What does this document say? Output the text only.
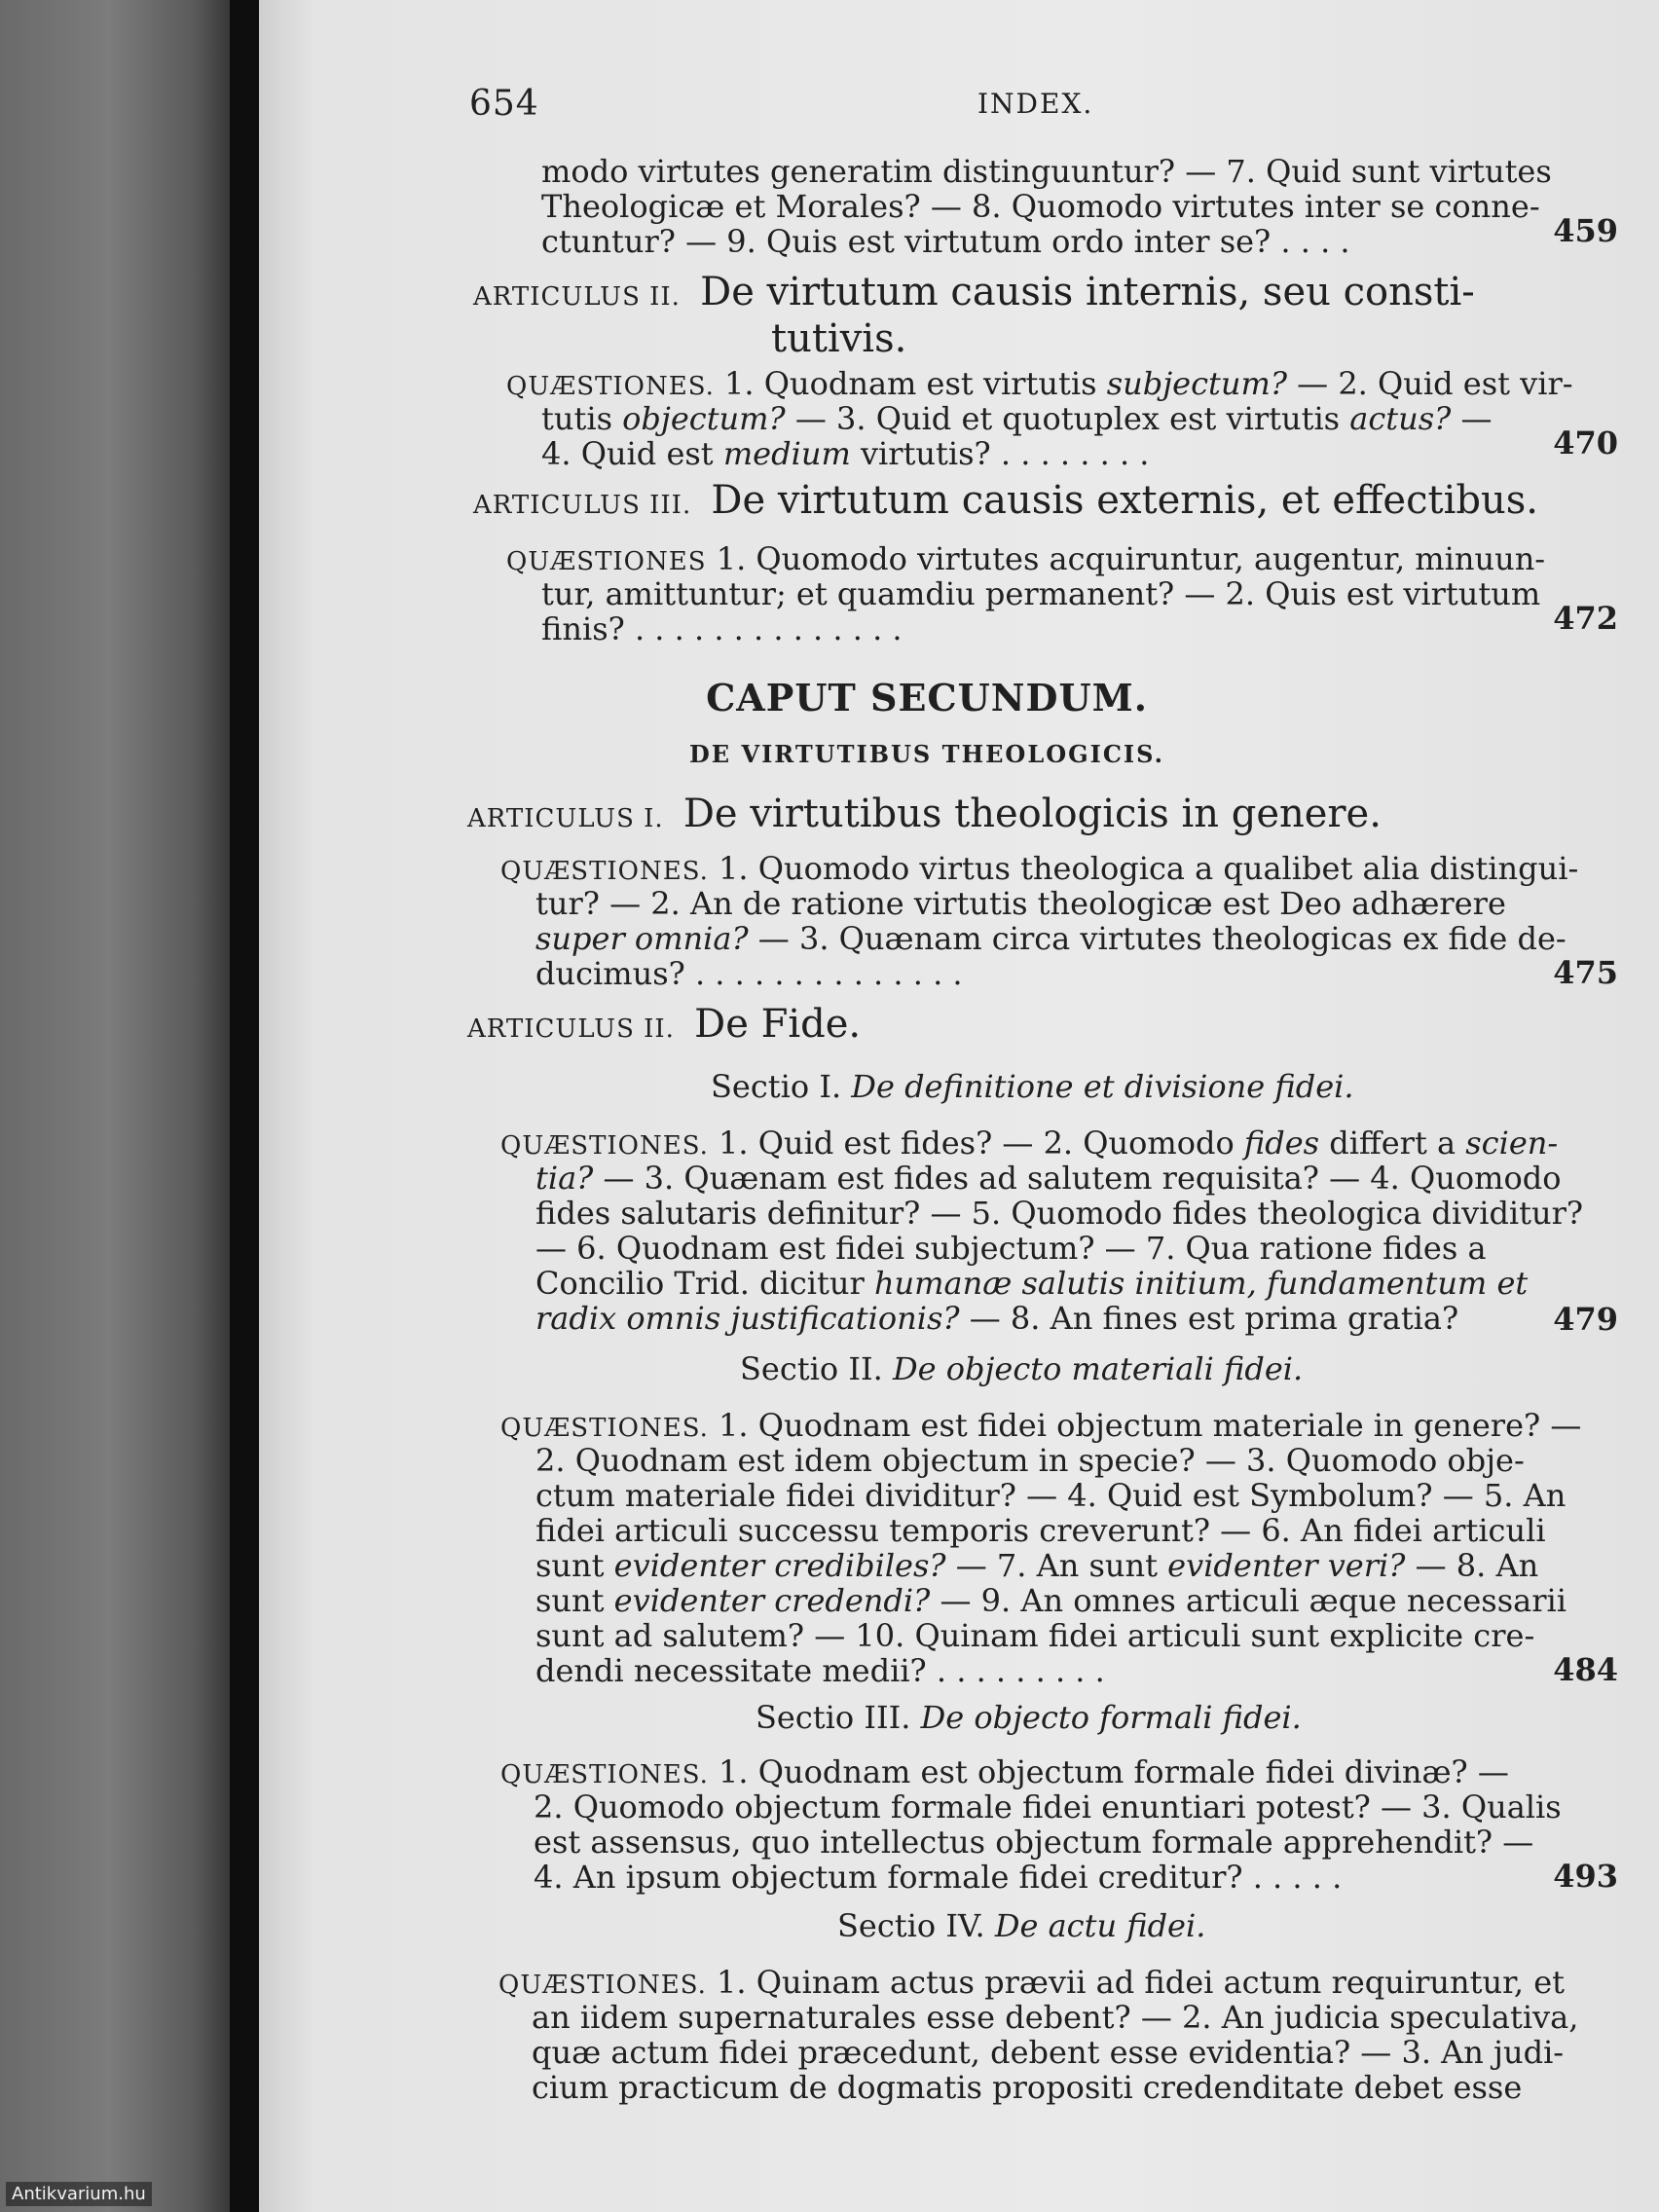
654	INDEX.
modo virtutes generatim distinguuntur? — 7. Quid sunt virtutes
Theologicæ et Morales? — 8. Quomodo virtutes inter se conne-
ctuntur? — 9. Quis est virtutum ordo inter se? . . . .	459
ARTICULUS II. De virtutum causis internis, seu consti-
tutivis.
QUÆSTIONES. 1. Quodnam est virtutis subjectum? — 2. Quid est vir-
tutis objectum? — 3. Quid et quotuplex est virtutis actus? —
4. Quid est medium virtutis? . . . . . . . .	470
ARTICULUS III. De virtutum causis externis, et effectibus.
QUÆSTIONES 1. Quomodo virtutes acquiruntur, augentur, minuun-
tur, amittuntur; et quamdiu permanent? — 2. Quis est virtutum
finis? . . . . . . . . . . . . . .	472
CAPUT SECUNDUM.
DE VIRTUTIBUS THEOLOGICIS.
ARTICULUS I. De virtutibus theologicis in genere.
QUÆSTIONES. 1. Quomodo virtus theologica a qualibet alia distingui-
tur? — 2. An de ratione virtutis theologicæ est Deo adhærere
super omnia? — 3. Quænam circa virtutes theologicas ex fide de-
ducimus? . . . . . . . . . . . . . .	475
ARTICULUS II. De Fide.
Sectio I. De definitione et divisione fidei.
QUÆSTIONES. 1. Quid est fides? — 2. Quomodo fides differt a scien-
tia? — 3. Quænam est fides ad salutem requisita? — 4. Quomodo
fides salutaris definitur? — 5. Quomodo fides theologica dividitur?
— 6. Quodnam est fidei subjectum? — 7. Qua ratione fides a
Concilio Trid. dicitur humanæ salutis initium, fundamentum et
radix omnis justificationis? — 8. An fines est prima gratia?	479
Sectio II. De objecto materiali fidei.
QUÆSTIONES. 1. Quodnam est fidei objectum materiale in genere? —
2. Quodnam est idem objectum in specie? — 3. Quomodo obje-
ctum materiale fidei dividitur? — 4. Quid est Symbolum? — 5. An
fidei articuli successu temporis creverunt? — 6. An fidei articuli
sunt evidenter credibiles? — 7. An sunt evidenter veri? — 8. An
sunt evidenter credendi? — 9. An omnes articuli æque necessarii
sunt ad salutem? — 10. Quinam fidei articuli sunt explicite cre-
dendi necessitate medii? . . . . . . . . .	484
Sectio III. De objecto formali fidei.
QUÆSTIONES. 1. Quodnam est objectum formale fidei divinæ? —
2. Quomodo objectum formale fidei enuntiari potest? — 3. Qualis
est assensus, quo intellectus objectum formale apprehendit? —
4. An ipsum objectum formale fidei creditur? . . . . .	493
Sectio IV. De actu fidei.
QUÆSTIONES. 1. Quinam actus prævii ad fidei actum requiruntur, et
an iidem supernaturales esse debent? — 2. An judicia speculativa,
quæ actum fidei præcedunt, debent esse evidentia? — 3. An judi-
cium practicum de dogmatis propositi credenditate debet esse
Antikvarium.hu
